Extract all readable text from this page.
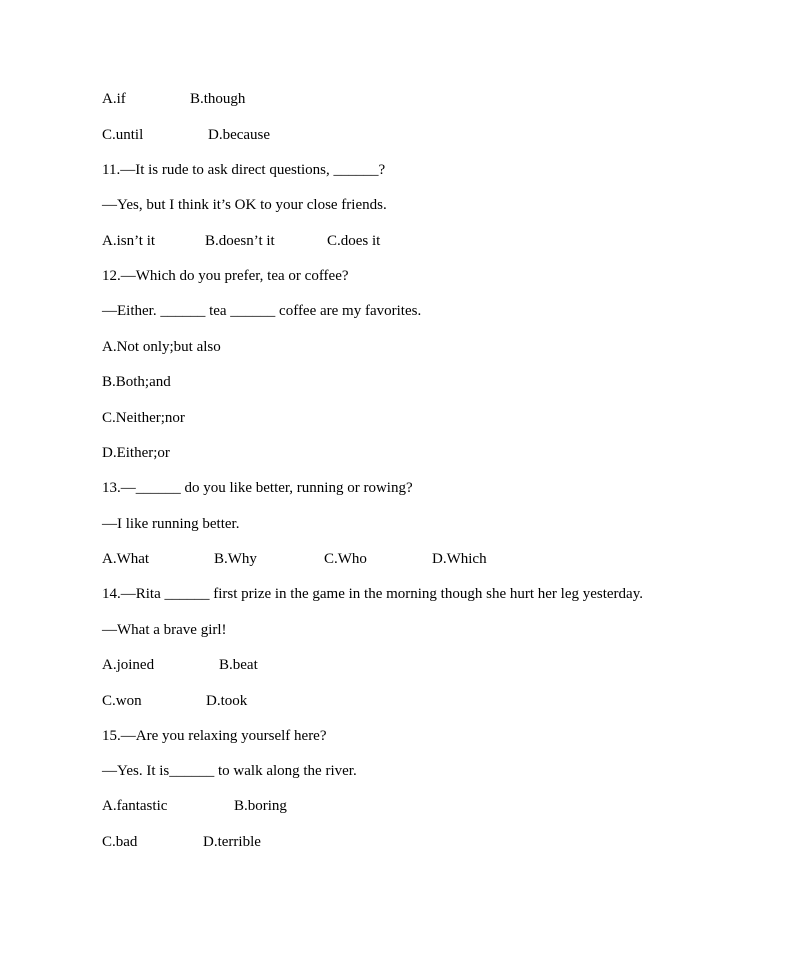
A.if	B.though
C.until	D.because
11.—It is rude to ask direct questions, ______?
—Yes, but I think it’s OK to your close friends.
A.isn’t it	B.doesn’t it	C.does it
12.—Which do you prefer, tea or coffee?
—Either. ______ tea ______ coffee are my favorites.
A.Not only;but also
B.Both;and
C.Neither;nor
D.Either;or
13.—______ do you like better, running or rowing?
—I like running better.
A.What	B.Why	C.Who	D.Which
14.—Rita ______ first prize in the game in the morning though she hurt her leg yesterday.
—What a brave girl!
A.joined	B.beat
C.won	D.took
15.—Are you relaxing yourself here?
—Yes. It is______ to walk along the river.
A.fantastic	B.boring
C.bad	D.terrible
